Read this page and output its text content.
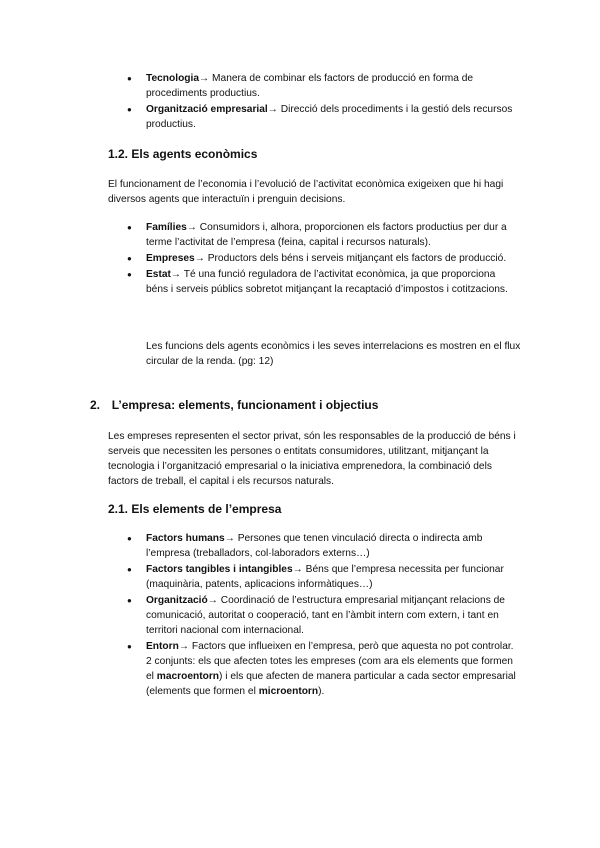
● Tecnologia→ Manera de combinar els factors de producció en forma de procediments productius.
● Organització empresarial→ Direcció dels procediments i la gestió dels recursos productius.
1.2. Els agents econòmics
El funcionament de l’economia i l’evolució de l’activitat econòmica exigeixen que hi hagi diversos agents que interactuïn i prenguin decisions.
● Famílies→ Consumidors i, alhora, proporcionen els factors productius per dur a terme l’activitat de l’empresa (feina, capital i recursos naturals).
● Empreses→ Productors dels béns i serveis mitjançant els factors de producció.
● Estat→ Té una funció reguladora de l’activitat econòmica, ja que proporciona béns i serveis públics sobretot mitjançant la recaptació d’impostos i cotitzacions.
Les funcions dels agents econòmics i les seves interrelacions es mostren en el flux circular de la renda. (pg: 12)
2. L’empresa: elements, funcionament i objectius
Les empreses representen el sector privat, són les responsables de la producció de béns i serveis que necessiten les persones o entitats consumidores, utilitzant, mitjançant la tecnologia i l’organització empresarial o la iniciativa emprenedora, la combinació dels factors de treball, el capital i els recursos naturals.
2.1. Els elements de l’empresa
● Factors humans→ Persones que tenen vinculació directa o indirecta amb l’empresa (treballadors, col·laboradors externs…)
● Factors tangibles i intangibles→ Béns que l’empresa necessita per funcionar (maquinària, patents, aplicacions informàtiques…)
● Organització→ Coordinació de l’estructura empresarial mitjançant relacions de comunicació, autoritat o cooperació, tant en l’àmbit intern com extern, i tant en territori nacional com internacional.
● Entorn→ Factors que influeixen en l’empresa, però que aquesta no pot controlar. 2 conjunts: els que afecten totes les empreses (com ara els elements que formen el macroentorn) i els que afecten de manera particular a cada sector empresarial (elements que formen el microentorn).
